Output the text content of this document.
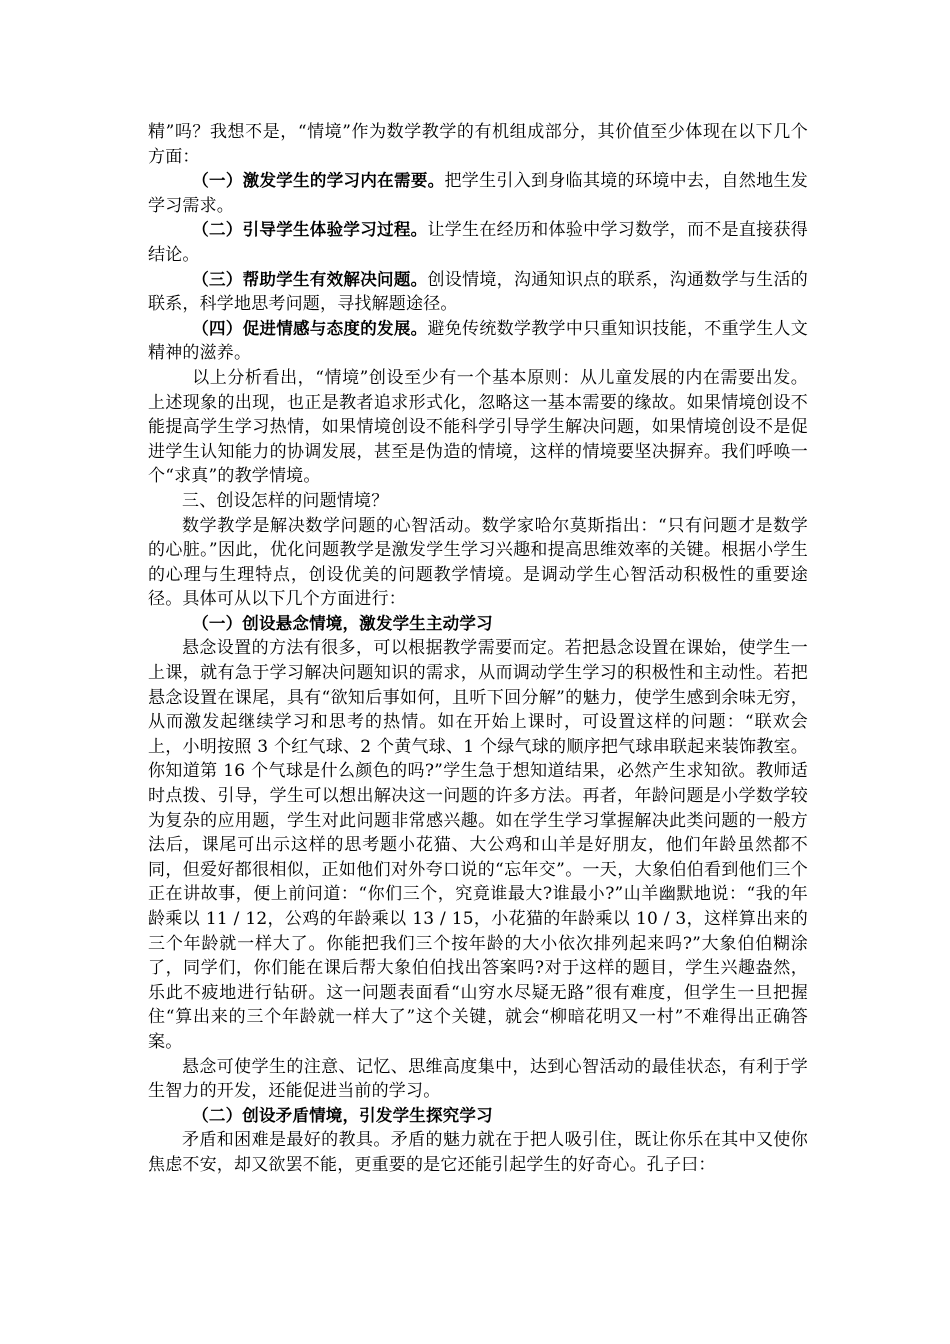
精”吗？我想不是，“情境”作为数学教学的有机组成部分，其价值至少体现在以下几个方面：

（一）激发学生的学习内在需要。把学生引入到身临其境的环境中去，自然地生发学习需求。

（二）引导学生体验学习过程。让学生在经历和体验中学习数学，而不是直接获得结论。

（三）帮助学生有效解决问题。创设情境，沟通知识点的联系，沟通数学与生活的联系，科学地思考问题，寻找解题途径。

（四）促进情感与态度的发展。避免传统数学教学中只重知识技能，不重学生人文精神的滋养。

以上分析看出，“情境”创设至少有一个基本原则：从儿童发展的内在需要出发。上述现象的出现，也正是教者追求形式化，忽略这一基本需要的缘故。如果情境创设不能提高学生学习热情，如果情境创设不能科学引导学生解决问题，如果情境创设不是促进学生认知能力的协调发展，甚至是伪造的情境，这样的情境要坚决摒弃。我们呼唤一个“求真”的教学情境。

三、创设怎样的问题情境？

数学教学是解决数学问题的心智活动。数学家哈尔莫斯指出：“只有问题才是数学的心脏。”因此，优化问题教学是激发学生学习兴趣和提高思维效率的关键。根据小学生的心理与生理特点，创设优美的问题教学情境。是调动学生心智活动积极性的重要途径。具体可从以下几个方面进行：

（一）创设悬念情境，激发学生主动学习

悬念设置的方法有很多，可以根据教学需要而定。若把悬念设置在课始，使学生一上课，就有急于学习解决问题知识的需求，从而调动学生学习的积极性和主动性。若把悬念设置在课尾，具有“欲知后事如何，且听下回分解”的魅力，使学生感到余味无穷，从而激发起继续学习和思考的热情。如在开始上课时，可设置这样的问题：“联欢会上，小明按照 3 个红气球、2 个黄气球、1 个绿气球的顺序把气球串联起来装饰教室。你知道第 16 个气球是什么颜色的吗?”学生急于想知道结果，必然产生求知欲。教师适时点拨、引导，学生可以想出解决这一问题的许多方法。再者，年龄问题是小学数学较为复杂的应用题，学生对此问题非常感兴趣。如在学生学习掌握解决此类问题的一般方法后，课尾可出示这样的思考题小花猫、大公鸡和山羊是好朋友，他们年龄虽然都不同，但爱好都很相似，正如他们对外夸口说的“忘年交”。一天，大象伯伯看到他们三个正在讲故事，便上前问道：“你们三个，究竟谁最大?谁最小?”山羊幽默地说：“我的年龄乘以 11 / 12，公鸡的年龄乘以 13 / 15，小花猫的年龄乘以 10 / 3，这样算出来的三个年龄就一样大了。你能把我们三个按年龄的大小依次排列起来吗?”大象伯伯糊涂了，同学们，你们能在课后帮大象伯伯找出答案吗?对于这样的题目，学生兴趣盎然，乐此不疲地进行钻研。这一问题表面看“山穷水尽疑无路”很有难度，但学生一旦把握住“算出来的三个年龄就一样大了”这个关键，就会“柳暗花明又一村”不难得出正确答案。

悬念可使学生的注意、记忆、思维高度集中，达到心智活动的最佳状态，有利于学生智力的开发，还能促进当前的学习。

（二）创设矛盾情境，引发学生探究学习

矛盾和困难是最好的教具。矛盾的魅力就在于把人吸引住，既让你乐在其中又使你焦虑不安，却又欲罢不能，更重要的是它还能引起学生的好奇心。孔子曰：
